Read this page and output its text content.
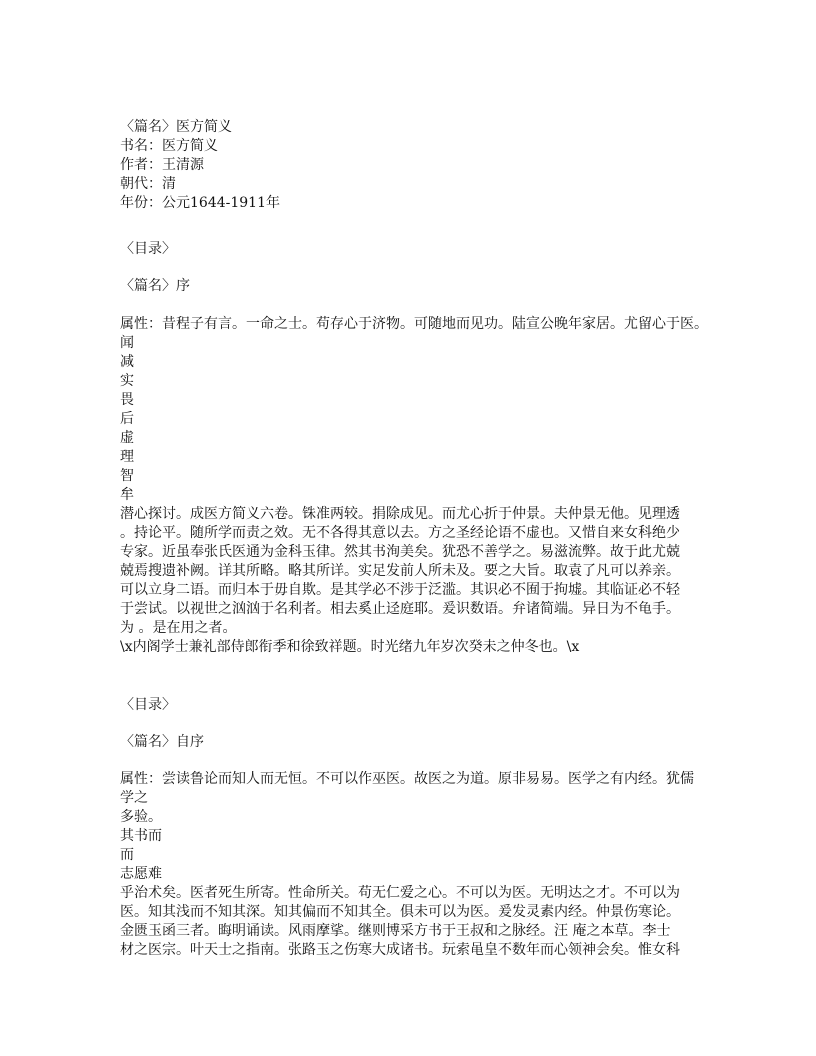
〈篇名〉医方简义
书名：医方简义
作者：王清源
朝代：清
年份：公元1644-1911年
〈目录〉
〈篇名〉序
属性：昔程子有言。一命之士。苟存心于济物。可随地而见功。陆宣公晚年家居。尤留心于医。
闻
减
实
畏
后
虚
理
智
牟
潜心探讨。成医方简义六卷。铢准两较。捐除成见。而尤心折于仲景。夫仲景无他。见理透
。持论平。随所学而责之效。无不各得其意以去。方之圣经论语不虚也。又惜自来女科绝少
专家。近虽奉张氏医通为金科玉律。然其书洵美矣。犹恐不善学之。易滋流弊。故于此尤兢
兢焉搜遗补阙。详其所略。略其所详。实足发前人所未及。要之大旨。取袁了凡可以养亲。
可以立身二语。而归本于毋自欺。是其学必不涉于泛滥。其识必不囿于拘墟。其临证必不轻
于尝试。以视世之汹汹于名利者。相去奚止迳庭耶。爰识数语。弁诸简端。异日为不龟手。
为 。是在用之者。
\x内阁学士兼礼部侍郎衔季和徐致祥题。时光绪九年岁次癸未之仲冬也。\x
〈目录〉
〈篇名〉自序
属性：尝读鲁论而知人而无恒。不可以作巫医。故医之为道。原非易易。医学之有内经。犹儒
学之
多验。
其书而
而
志愿难
乎治术矣。医者死生所寄。性命所关。苟无仁爱之心。不可以为医。无明达之才。不可以为
医。知其浅而不知其深。知其偏而不知其全。俱未可以为医。爰发灵素内经。仲景伤寒论。
金匮玉函三者。晦明诵读。风雨摩挲。继则博采方书于王叔和之脉经。汪 庵之本草。李士
材之医宗。叶天士之指南。张路玉之伤寒大成诸书。玩索黾皇不数年而心领神会矣。惟女科
